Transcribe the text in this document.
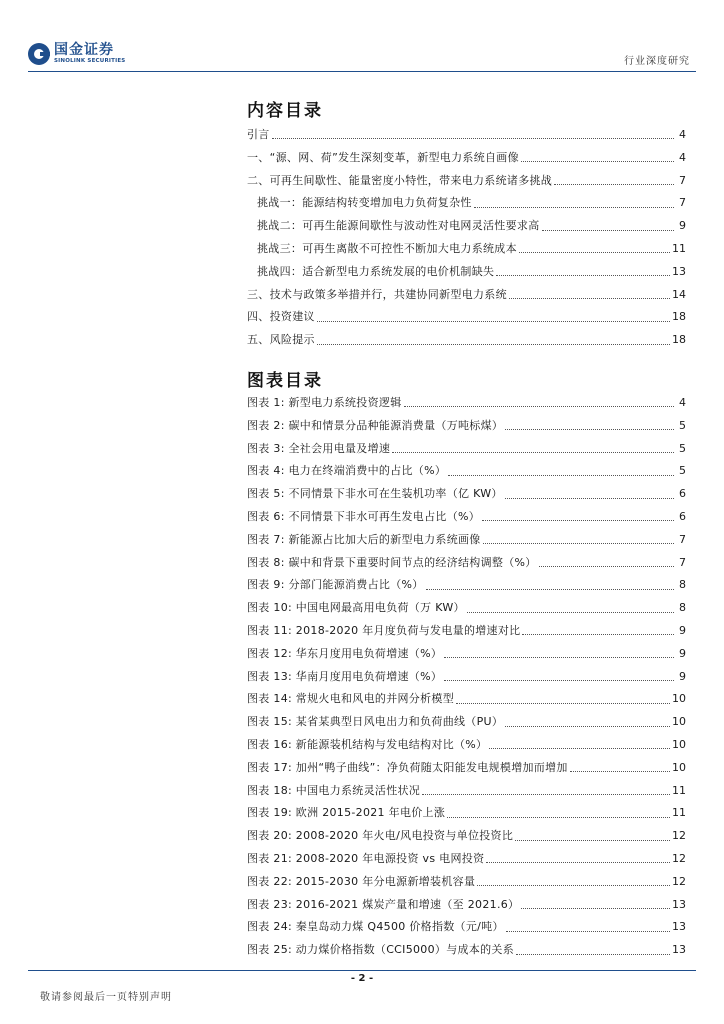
国金证券
SINOLINK SECURITIES	行业深度研究
内容目录
引言	4
一、“源、网、荷”发生深刻变革，新型电力系统自画像	4
二、可再生间歇性、能量密度小特性，带来电力系统诸多挑战	7
挑战一：能源结构转变增加电力负荷复杂性	7
挑战二：可再生能源间歇性与波动性对电网灵活性要求高	9
挑战三：可再生离散不可控性不断加大电力系统成本	11
挑战四：适合新型电力系统发展的电价机制缺失	13
三、技术与政策多举措并行，共建协同新型电力系统	14
四、投资建议	18
五、风险提示	18
图表目录
图表 1: 新型电力系统投资逻辑	4
图表 2: 碳中和情景分品种能源消费量（万吨标煤）	5
图表 3: 全社会用电量及增速	5
图表 4: 电力在终端消费中的占比（%）	5
图表 5: 不同情景下非水可在生装机功率（亿 KW）	6
图表 6: 不同情景下非水可再生发电占比（%）	6
图表 7: 新能源占比加大后的新型电力系统画像	7
图表 8: 碳中和背景下重要时间节点的经济结构调整（%）	7
图表 9: 分部门能源消费占比（%）	8
图表 10: 中国电网最高用电负荷（万 KW）	8
图表 11: 2018-2020 年月度负荷与发电量的增速对比	9
图表 12: 华东月度用电负荷增速（%）	9
图表 13: 华南月度用电负荷增速（%）	9
图表 14: 常规火电和风电的并网分析模型	10
图表 15: 某省某典型日风电出力和负荷曲线（PU）	10
图表 16: 新能源装机结构与发电结构对比（%）	10
图表 17: 加州“鸭子曲线”：净负荷随太阳能发电规模增加而增加	10
图表 18: 中国电力系统灵活性状况	11
图表 19: 欧洲 2015-2021 年电价上涨	11
图表 20: 2008-2020 年火电/风电投资与单位投资比	12
图表 21: 2008-2020 年电源投资 vs 电网投资	12
图表 22: 2015-2030 年分电源新增装机容量	12
图表 23: 2016-2021 煤炭产量和增速（至 2021.6）	13
图表 24: 秦皇岛动力煤 Q4500 价格指数（元/吨）	13
图表 25: 动力煤价格指数（CCI5000）与成本的关系	13
- 2 -
敬请参阅最后一页特别声明
